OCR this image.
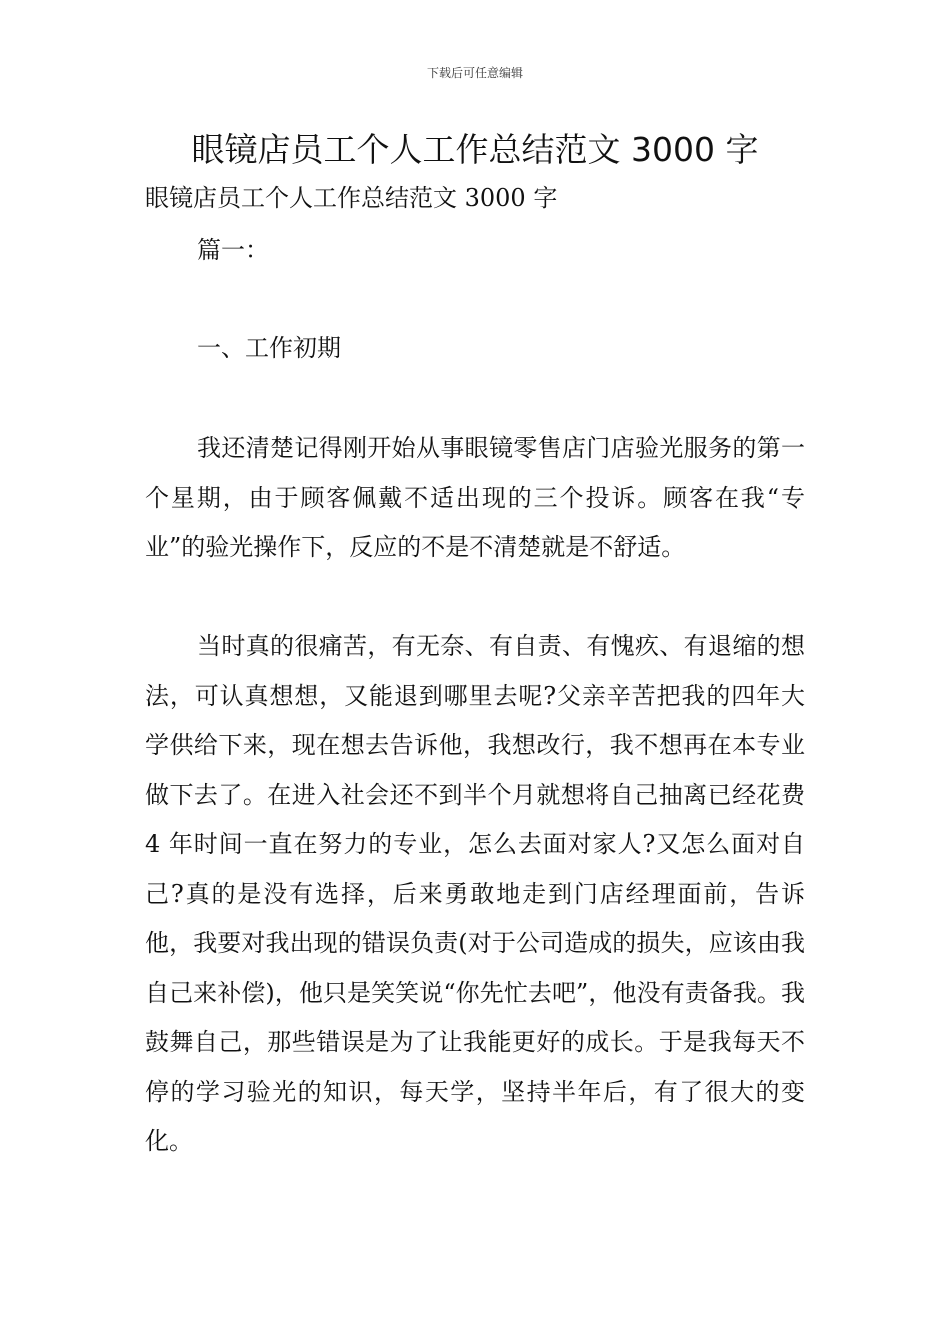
下载后可任意编辑
眼镜店员工个人工作总结范文 3000 字
眼镜店员工个人工作总结范文 3000 字
篇一：
一、工作初期

我还清楚记得刚开始从事眼镜零售店门店验光服务的第一个星期，由于顾客佩戴不适出现的三个投诉。顾客在我“专业”的验光操作下，反应的不是不清楚就是不舒适。

当时真的很痛苦，有无奈、有自责、有愧疚、有退缩的想法，可认真想想，又能退到哪里去呢?父亲辛苦把我的四年大学供给下来，现在想去告诉他，我想改行，我不想再在本专业做下去了。在进入社会还不到半个月就想将自己抽离已经花费 4 年时间一直在努力的专业，怎么去面对家人?又怎么面对自己?真的是没有选择，后来勇敢地走到门店经理面前，告诉他，我要对我出现的错误负责(对于公司造成的损失，应该由我自己来补偿)，他只是笑笑说“你先忙去吧”，他没有责备我。我鼓舞自己，那些错误是为了让我能更好的成长。于是我每天不停的学习验光的知识，每天学，坚持半年后，有了很大的变化。
